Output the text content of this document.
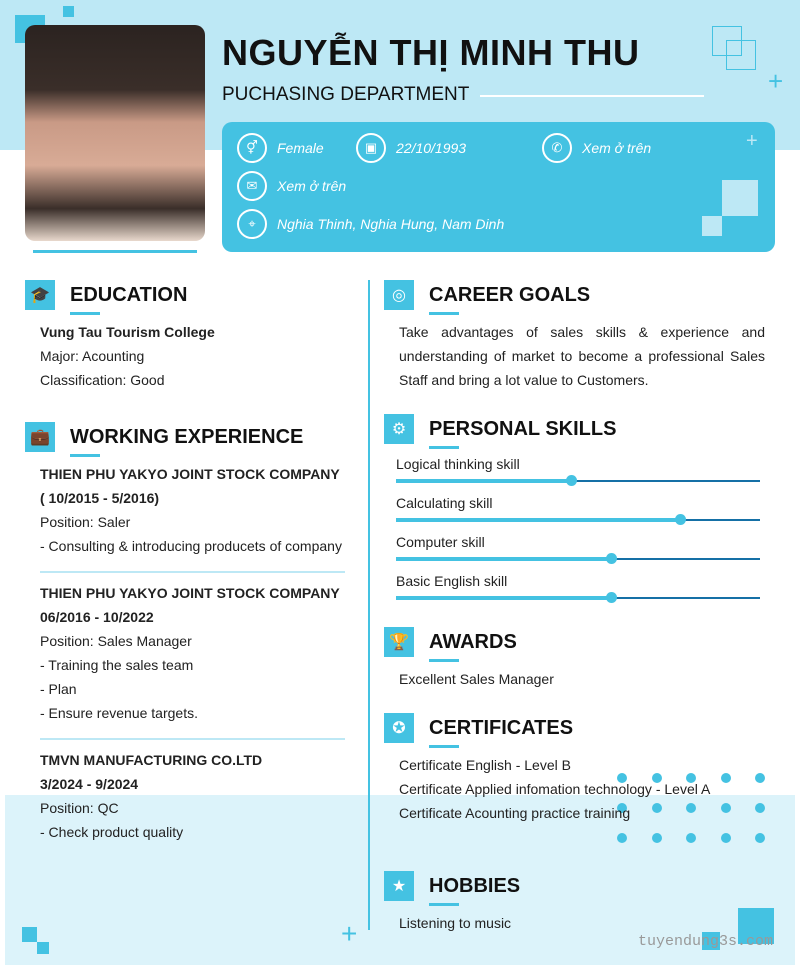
+
NGUYỄN THỊ MINH THU
PUCHASING DEPARTMENT
⚥	Female	▣	22/10/1993	✆	Xem ở trên
✉	Xem ở trên
⌖	Nghia Thinh, Nghia Hung, Nam Dinh
+
🎓 EDUCATION
Vung Tau Tourism College
Major: Acounting
Classification: Good
💼 WORKING EXPERIENCE
THIEN PHU YAKYO JOINT STOCK COMPANY
( 10/2015 - 5/2016)
Position: Saler
- Consulting & introducing producets of company
THIEN PHU YAKYO JOINT STOCK COMPANY
06/2016 - 10/2022
Position: Sales Manager
- Training the sales team
- Plan
- Ensure revenue targets.
TMVN MANUFACTURING CO.LTD
3/2024 - 9/2024
Position: QC
- Check product quality
◎	CAREER GOALS
Take advantages of sales skills & experience and understanding of market to become a professional Sales Staff and bring a lot value to Customers.
⚙	PERSONAL SKILLS
Logical thinking skill
Calculating skill
Computer skill
Basic English skill
🏆 AWARDS
Excellent Sales Manager
✪	CERTIFICATES
Certificate English - Level B
Certificate Applied infomation technology - Level A
Certificate Acounting practice training
★	HOBBIES
Listening to music
+	tuyendung3s.com
